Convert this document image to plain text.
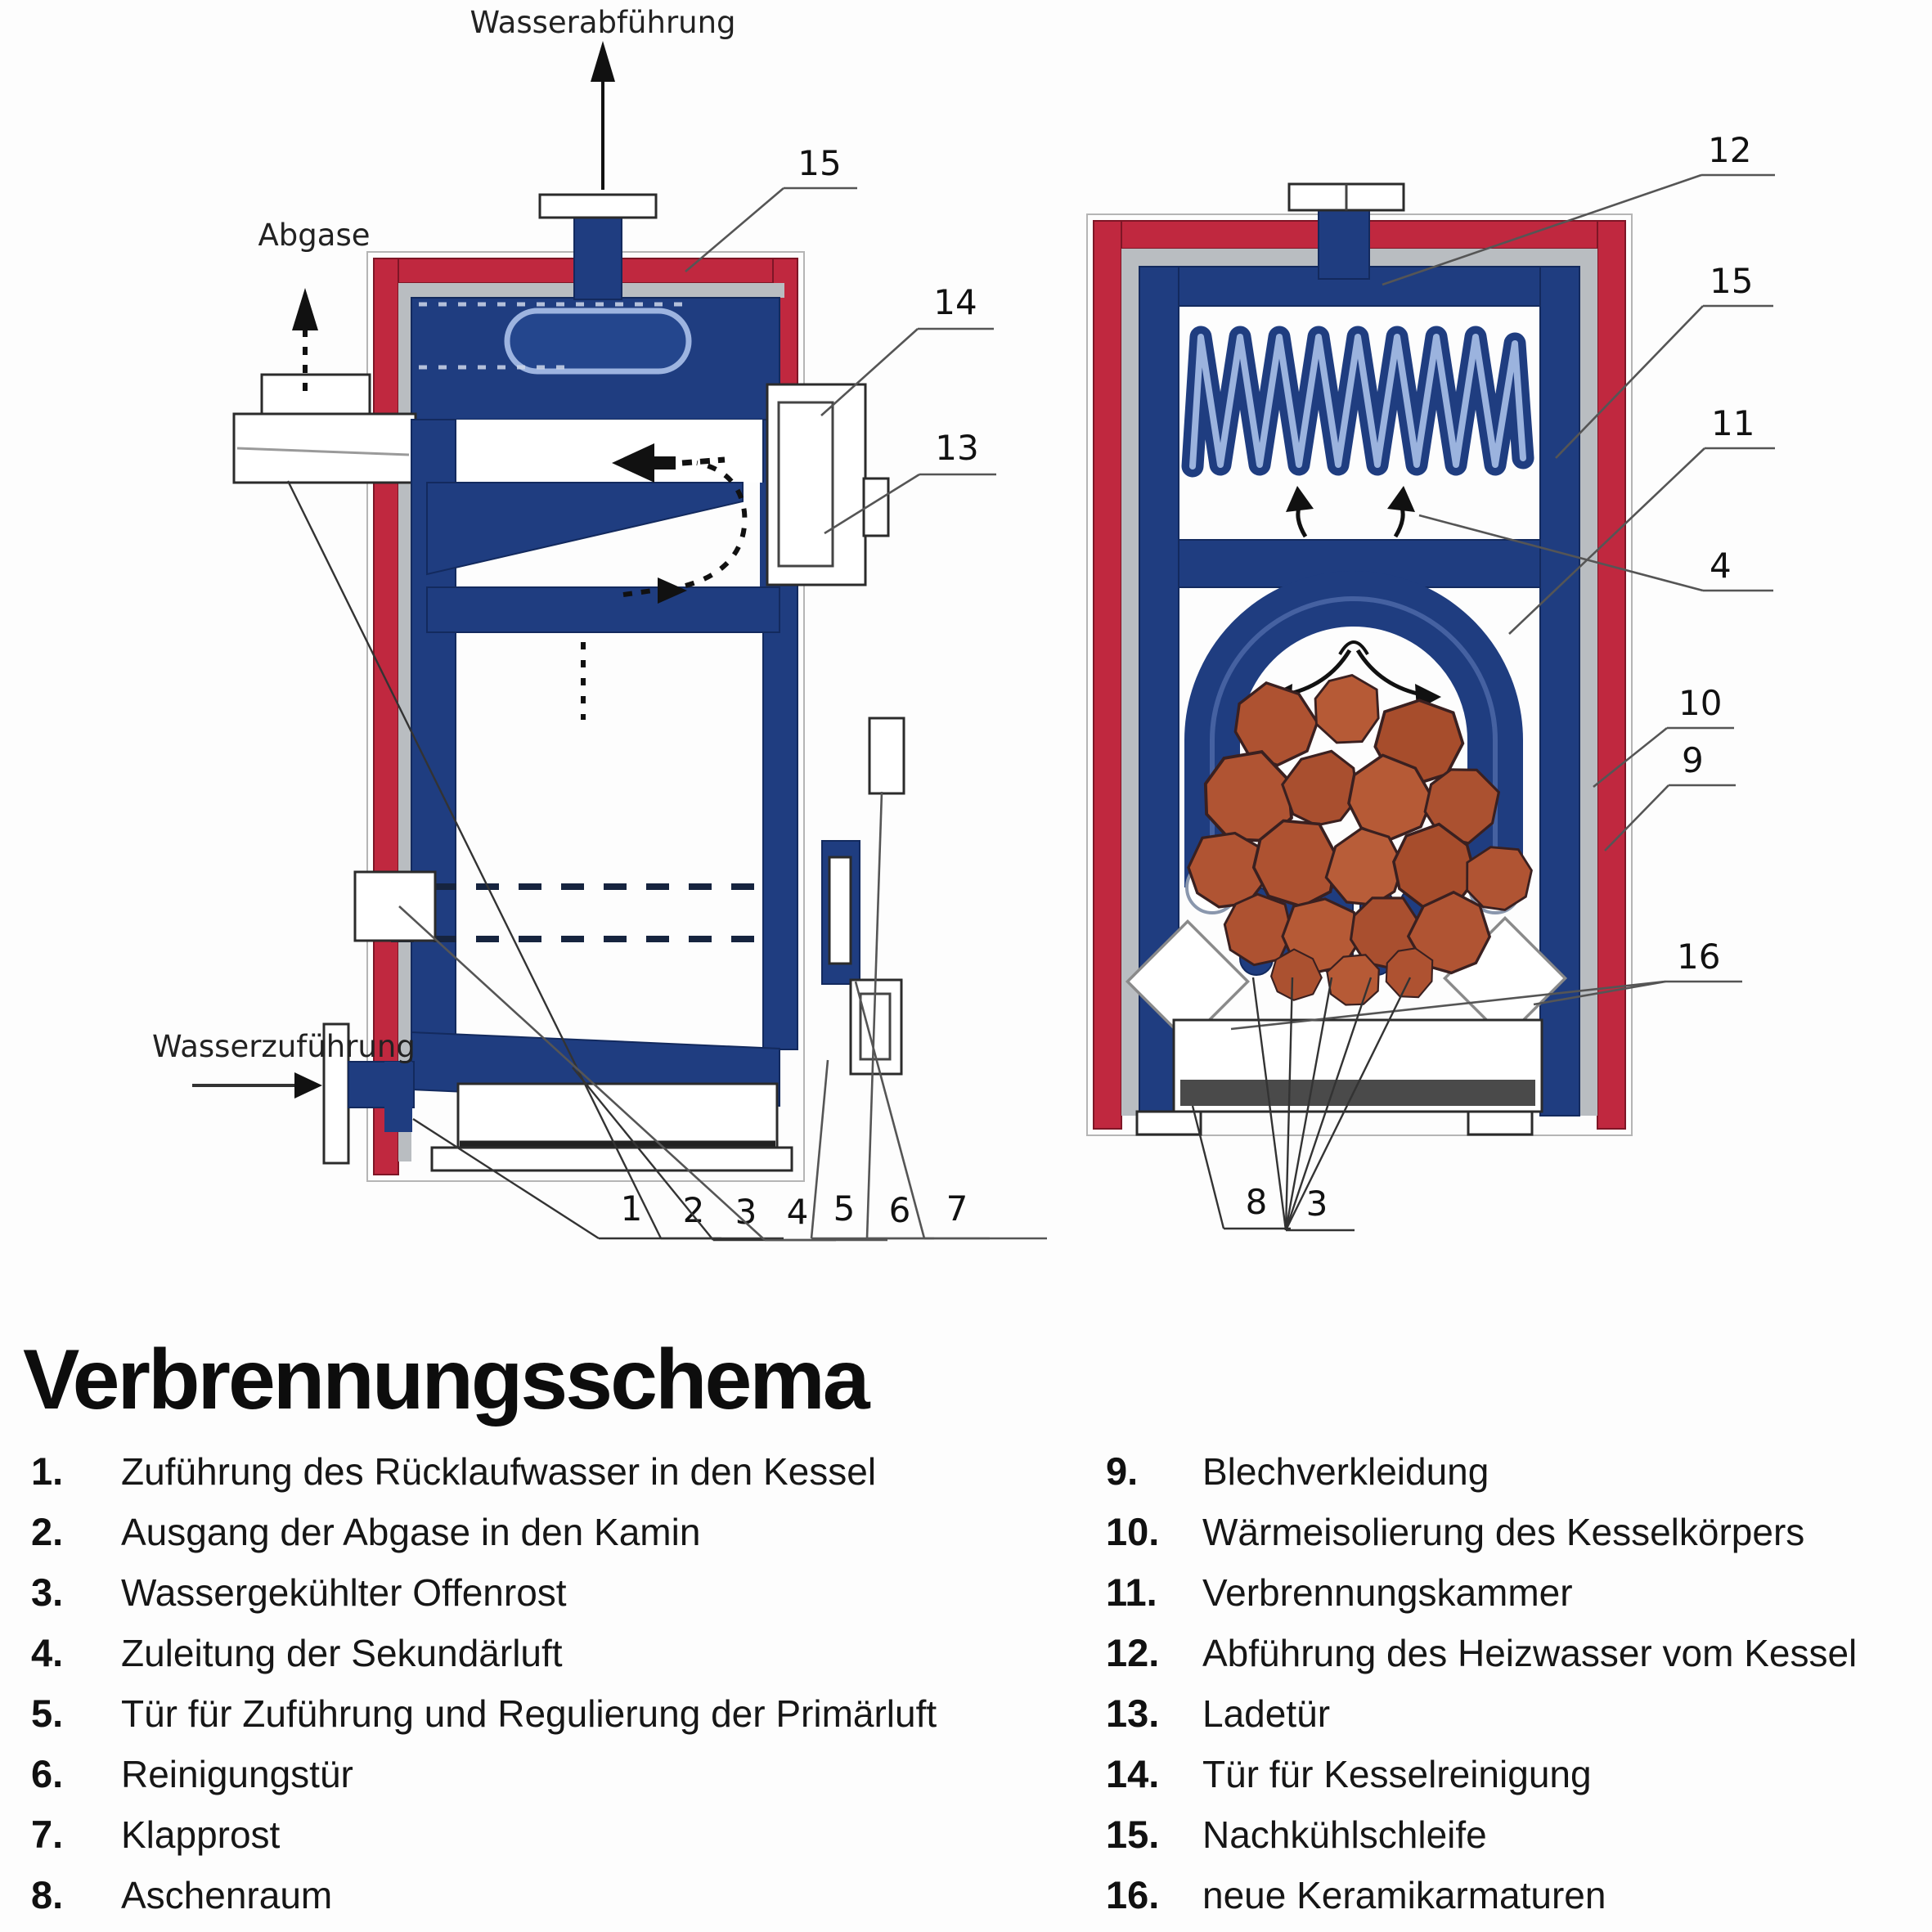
Wasserabführung
Abgase
Wasserzuführung
15
14
13
1 2 3 4 5 6 7
12
15
11
4
10
9
16
8 3
Verbrennungsschema
1. Zuführung des Rücklaufwasser in den Kessel
2. Ausgang der Abgase in den Kamin
3. Wassergekühlter Offenrost
4. Zuleitung der Sekundärluft
5. Tür für Zuführung und Regulierung der Primärluft
6. Reinigungstür
7. Klapprost
8. Aschenraum
9. Blechverkleidung
10. Wärmeisolierung des Kesselkörpers
11. Verbrennungskammer
12. Abführung des Heizwasser vom Kessel
13. Ladetür
14. Tür für Kesselreinigung
15. Nachkühlschleife
16. neue Keramikarmaturen
